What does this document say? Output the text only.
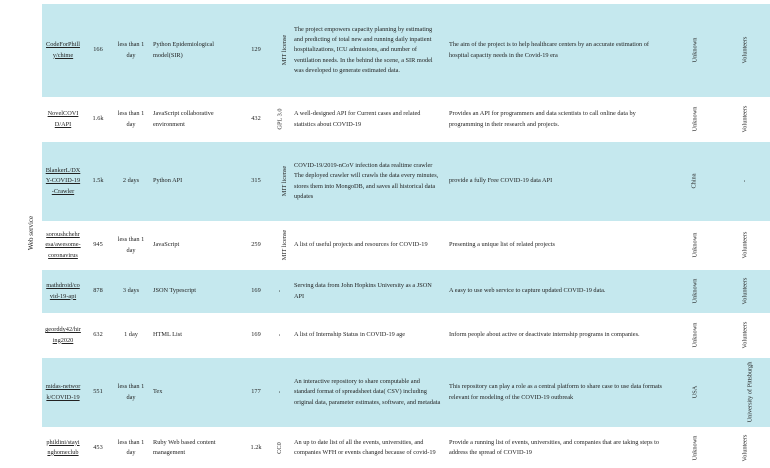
Web service
CodeForPhilly/chime	166	less than 1 day	Python Epidemiological model(SIR)	129	MIT license	The project empowers capacity planning by estimating and predicting of total new and running daily inpatient hospitalizations, ICU admissions, and number of ventilation needs. In the behind the scene, a SIR model was developed to generate estimated data.	The aim of the project is to help healthcare centers by an accurate estimation of hospital capacity needs in the Covid-19 era	Unknown	Volunteers
NovelCOVID/API	1.6k	less than 1 day	JavaScript collaborative environment	432	GPL 3.0	A well-designed API for Current cases and related statistics about COVID-19	Provides an API for programmers and data scientists to call online data by programming in their research and projects.	Unknown	Volunteers
BlankerL/DXY-COVID-19-Crawler	1.5k	2 days	Python API	315	MIT license	COVID-19/2019-nCoV infection data realtime crawler The deployed crawler will crawls the data every minutes, stores them into MongoDB, and saves all historical data updates	provide a fully Free COVID-19 data API	China	-
soroushchehresa/awesome-coronavirus	945	less than 1 day	JavaScript	259	MIT license	A list of useful projects and resources for COVID-19	Presenting a unique list of related projects	Unknown	Volunteers
mathdroid/covid-19-api	878	3 days	JSON Typescript	169	-	Serving data from John Hopkins University as a JSON API	A easy to use web service to capture updated COVID-19 data.	Unknown	Volunteers
georddy42/hiring2020	632	1 day	HTML List	169	-	A list of Internship Status in COVID-19 age	Inform people about active or deactivate internship programs in companies.	Unknown	Volunteers
midas-network/COVID-19	551	less than 1 day	Tex	177	-	An interactive repository to share computable and standard format of spreadsheet data( CSV) including original data, parameter estimates, software, and metadata	This repository can play a role as a central platform to share case to use data formats relevant for modeling of the COVID-19 outbreak	USA	University of Pittsburgh
phildini/stayinghomeclub	453	less than 1 day	Ruby Web based content management	1.2k	CC0	An up to date list of all the events, universities, and companies WFH or events changed because of covid-19	Provide a running list of events, universities, and companies that are taking steps to address the spread of COVID-19	Unknown	Volunteers
